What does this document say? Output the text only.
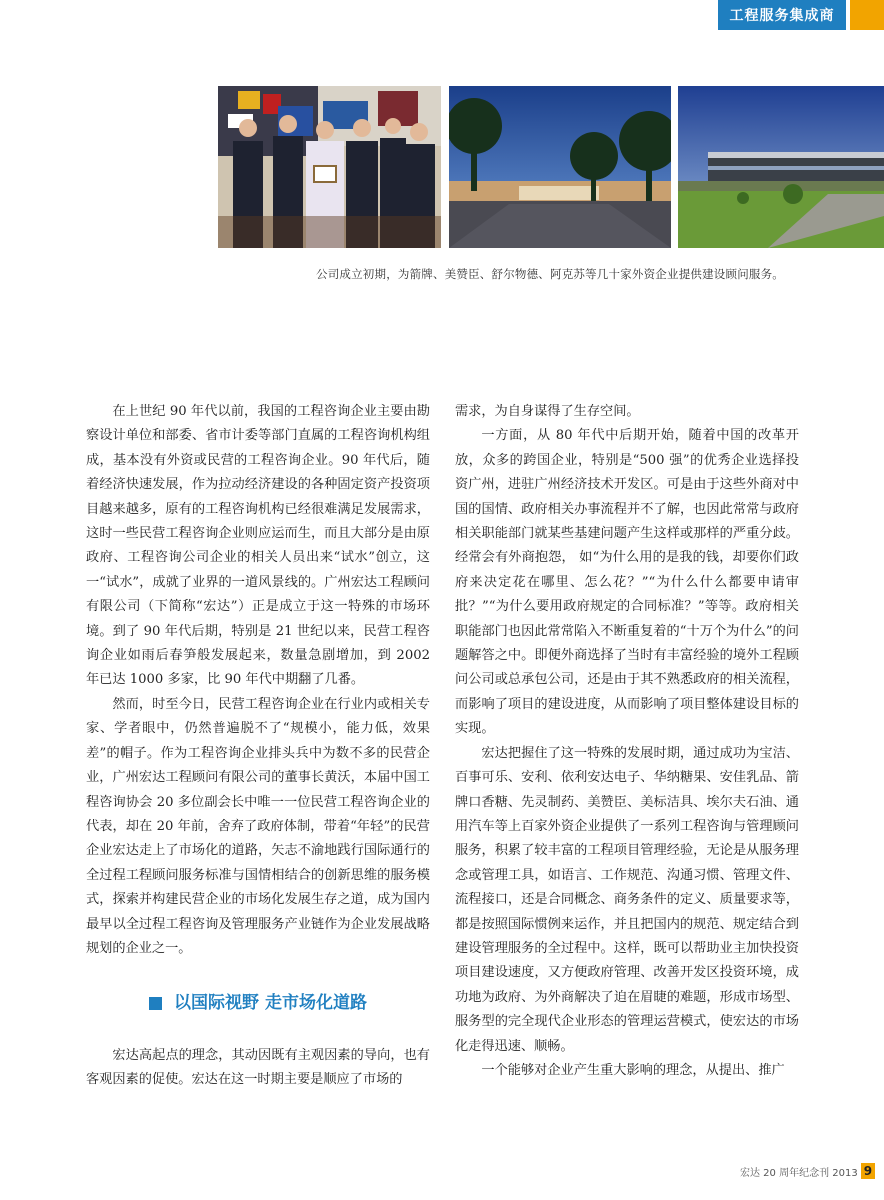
工程服务集成商
公司成立初期，为箭牌、美赞臣、舒尔物德、阿克苏等几十家外资企业提供建设顾问服务。

在上世纪 90 年代以前，我国的工程咨询企业主要由勘察设计单位和部委、省市计委等部门直属的工程咨询机构组成，基本没有外资或民营的工程咨询企业。90 年代后，随着经济快速发展，作为拉动经济建设的各种固定资产投资项目越来越多，原有的工程咨询机构已经很难满足发展需求，这时一些民营工程咨询企业则应运而生，而且大部分是由原政府、工程咨询公司企业的相关人员出来“试水”创立，这一“试水”，成就了业界的一道风景线的。广州宏达工程顾问有限公司（下简称“宏达”）正是成立于这一特殊的市场环境。到了 90 年代后期，特别是 21 世纪以来，民营工程咨询企业如雨后春笋般发展起来，数量急剧增加，到 2002 年已达 1000 多家，比 90 年代中期翻了几番。

然而，时至今日，民营工程咨询企业在行业内或相关专家、学者眼中，仍然普遍脱不了“规模小，能力低，效果差”的帽子。作为工程咨询企业排头兵中为数不多的民营企业，广州宏达工程顾问有限公司的董事长黄沃，本届中国工程咨询协会 20 多位副会长中唯一一位民营工程咨询企业的代表，却在 20 年前，舍弃了政府体制，带着“年轻”的民营企业宏达走上了市场化的道路，矢志不渝地践行国际通行的全过程工程顾问服务标准与国情相结合的创新思维的服务模式，探索并构建民营企业的市场化发展生存之道，成为国内最早以全过程工程咨询及管理服务产业链作为企业发展战略规划的企业之一。

以国际视野 走市场化道路

宏达高起点的理念，其动因既有主观因素的导向，也有客观因素的促使。宏达在这一时期主要是顺应了市场的

需求，为自身谋得了生存空间。

一方面，从 80 年代中后期开始，随着中国的改革开放，众多的跨国企业，特别是“500 强”的优秀企业选择投资广州，进驻广州经济技术开发区。可是由于这些外商对中国的国情、政府相关办事流程并不了解，也因此常常与政府相关职能部门就某些基建问题产生这样或那样的严重分歧。经常会有外商抱怨， 如“为什么用的是我的钱，却要你们政府来决定花在哪里、怎么花？”“为什么什么都要申请审批？”“为什么要用政府规定的合同标准？”等等。政府相关职能部门也因此常常陷入不断重复着的“十万个为什么”的问题解答之中。即便外商选择了当时有丰富经验的境外工程顾问公司或总承包公司，还是由于其不熟悉政府的相关流程，而影响了项目的建设进度，从而影响了项目整体建设目标的实现。

宏达把握住了这一特殊的发展时期，通过成功为宝洁、百事可乐、安利、依利安达电子、华纳糖果、安佳乳品、箭牌口香糖、先灵制药、美赞臣、美标洁具、埃尔夫石油、通用汽车等上百家外资企业提供了一系列工程咨询与管理顾问服务，积累了较丰富的工程项目管理经验，无论是从服务理念或管理工具，如语言、工作规范、沟通习惯、管理文件、流程接口，还是合同概念、商务条件的定义、质量要求等，都是按照国际惯例来运作，并且把国内的规范、规定结合到建设管理服务的全过程中。这样，既可以帮助业主加快投资项目建设速度，又方便政府管理、改善开发区投资环境，成功地为政府、为外商解决了迫在眉睫的难题，形成市场型、服务型的完全现代企业形态的管理运营模式，使宏达的市场化走得迅速、顺畅。

一个能够对企业产生重大影响的理念，从提出、推广

宏达 20 周年纪念刊 2013 9
